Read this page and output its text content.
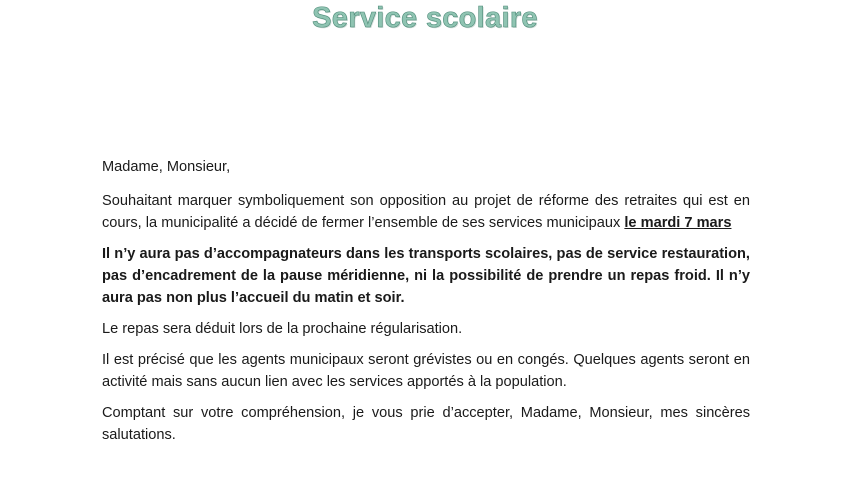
Service scolaire

Madame, Monsieur,

Souhaitant marquer symboliquement son opposition au projet de réforme des retraites qui est en cours, la municipalité a décidé de fermer l’ensemble de ses services municipaux le mardi 7 mars

Il n’y aura pas d’accompagnateurs dans les transports scolaires, pas de service restauration, pas d’encadrement de la pause méridienne, ni la possibilité de prendre un repas froid. Il n’y aura pas non plus l’accueil du matin et soir.

Le repas sera déduit lors de la prochaine régularisation.

Il est précisé que les agents municipaux seront grévistes ou en congés. Quelques agents seront en activité mais sans aucun lien avec les services apportés à la population.

Comptant sur votre compréhension, je vous prie d’accepter, Madame, Monsieur, mes sincères salutations.
